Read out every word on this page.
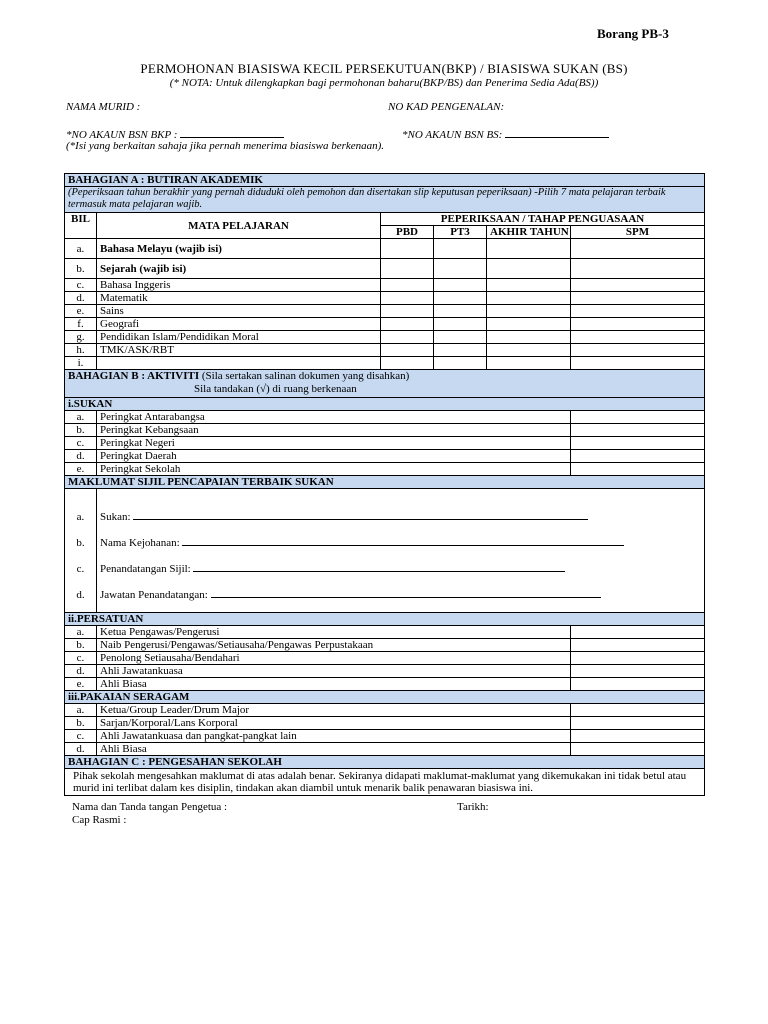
Borang PB-3
PERMOHONAN BIASISWA KECIL PERSEKUTUAN(BKP) / BIASISWA SUKAN (BS)
(* NOTA: Untuk dilengkapkan bagi permohonan baharu(BKP/BS) dan Penerima Sedia Ada(BS))
NAMA MURID :	NO KAD PENGENALAN:
*NO AKAUN BSN BKP :	*NO AKAUN BSN BS:
(*Isi yang berkaitan sahaja jika pernah menerima biasiswa berkenaan).
BAHAGIAN A : BUTIRAN AKADEMIK					
(Peperiksaan tahun berakhir yang pernah diduduki oleh pemohon dan disertakan slip keputusan peperiksaan) -Pilih 7 mata pelajaran terbaik termasuk mata pelajaran wajib.					
BIL	MATA PELAJARAN	PEPERIKSAAN / TAHAP PENGUASAAN			
		PBD	PT3	AKHIR TAHUN	SPM
a.	Bahasa Melayu (wajib isi)				
b.	Sejarah (wajib isi)				
c.	Bahasa Inggeris				
d.	Matematik				
e.	Sains				
f.	Geografi				
g.	Pendidikan Islam/Pendidikan Moral				
h.	TMK/ASK/RBT				
i.					
BAHAGIAN B : AKTIVITI (Sila sertakan salinan dokumen yang disahkan)
Sila tandakan (√) di ruang berkenaan					
i.SUKAN					
a.	Peringkat Antarabangsa				
b.	Peringkat Kebangsaan				
c.	Peringkat Negeri				
d.	Peringkat Daerah				
e.	Peringkat Sekolah				
MAKLUMAT SIJIL PENCAPAIAN TERBAIK SUKAN					
a.	Sukan:				
b.	Nama Kejohanan:				
c.	Penandatangan Sijil:				
d.	Jawatan Penandatangan:				

ii.PERSATUAN					
a.	Ketua Pengawas/Pengerusi				
b.	Naib Pengerusi/Pengawas/Setiausaha/Pengawas Perpustakaan				
c.	Penolong Setiausaha/Bendahari				
d.	Ahli Jawatankuasa				
e.	Ahli Biasa				
iii.PAKAIAN SERAGAM					
a.	Ketua/Group Leader/Drum Major				
b.	Sarjan/Korporal/Lans Korporal				
c.	Ahli Jawatankuasa dan pangkat-pangkat lain				
d.	Ahli Biasa				
BAHAGIAN C : PENGESAHAN SEKOLAH					
Pihak sekolah mengesahkan maklumat di atas adalah benar. Sekiranya didapati maklumat-maklumat yang dikemukakan ini tidak betul atau murid ini terlibat dalam kes disiplin, tindakan akan diambil untuk menarik balik penawaran biasiswa ini.					
Nama dan Tanda tangan Pengetua :	Tarikh:
Cap Rasmi :
